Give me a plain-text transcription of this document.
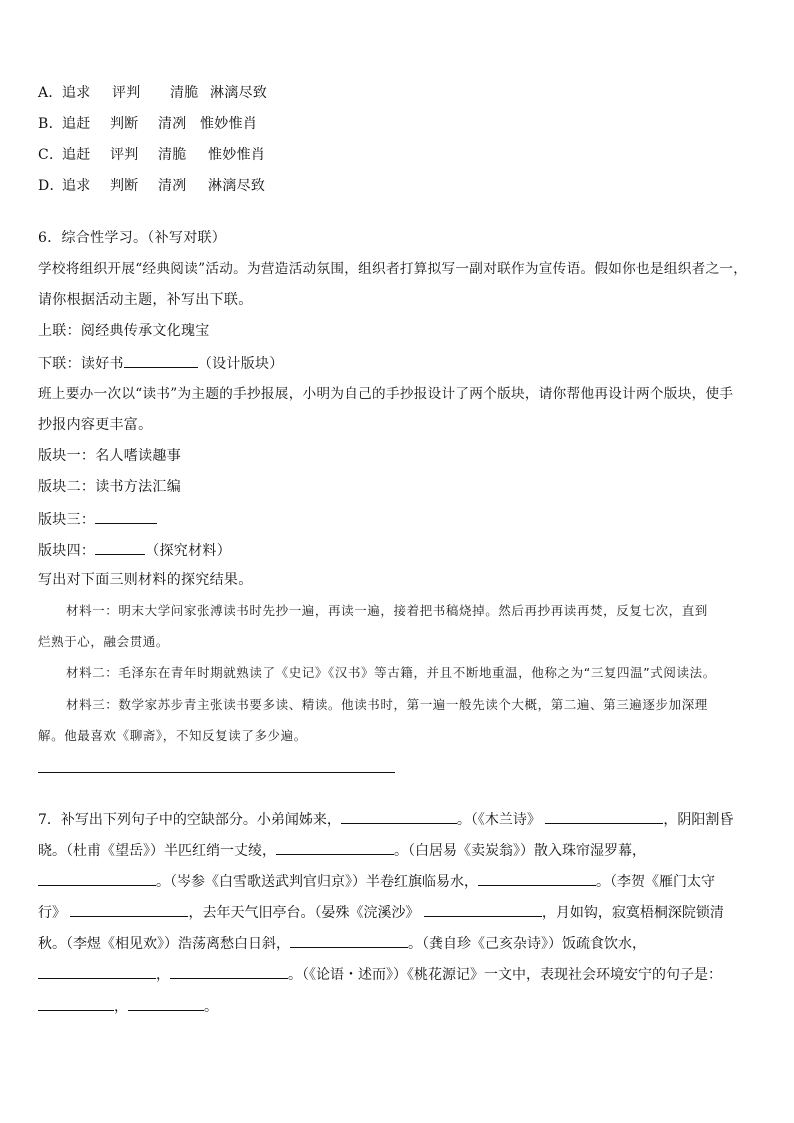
A．追求 评判 清脆 淋漓尽致
B．追赶 判断 清冽 惟妙惟肖
C．追赶 评判 清脆 惟妙惟肖
D．追求 判断 清冽 淋漓尽致
6．综合性学习。（补写对联）
学校将组织开展“经典阅读”活动。为营造活动氛围，组织者打算拟写一副对联作为宣传语。假如你也是组织者之一，
请你根据活动主题，补写出下联。
上联：阅经典传承文化瑰宝
下联：读好书	（设计版块）
班上要办一次以“读书”为主题的手抄报展，小明为自己的手抄报设计了两个版块，请你帮他再设计两个版块，使手
抄报内容更丰富。
版块一：名人嗜读趣事
版块二：读书方法汇编
版块三：
版块四：	（探究材料）
写出对下面三则材料的探究结果。
材料一：明末大学问家张溥读书时先抄一遍，再读一遍，接着把书稿烧掉。然后再抄再读再焚，反复七次，直到
烂熟于心，融会贯通。
材料二：毛泽东在青年时期就熟读了《史记》《汉书》等古籍，并且不断地重温，他称之为“三复四温”式阅读法。
材料三：数学家苏步青主张读书要多读、精读。他读书时，第一遍一般先读个大概，第二遍、第三遍逐步加深理
解。他最喜欢《聊斋》，不知反复读了多少遍。
7．补写出下列句子中的空缺部分。小弟闻姊来，	。（《木兰诗》	，阴阳割昏
晓。（杜甫《望岳》）半匹红绡一丈绫，	。（白居易《卖炭翁》）散入珠帘湿罗幕，
。（岑参《白雪歌送武判官归京》）半卷红旗临易水，	。（李贺《雁门太守
行》	，去年天气旧亭台。（晏殊《浣溪沙》	，月如钩，寂寞梧桐深院锁清
秋。（李煜《相见欢》）浩荡离愁白日斜，	。（龚自珍《己亥杂诗》）饭疏食饮水，
，	。（《论语・述而》）《桃花源记》一文中，表现社会环境安宁的句子是：
，	。
